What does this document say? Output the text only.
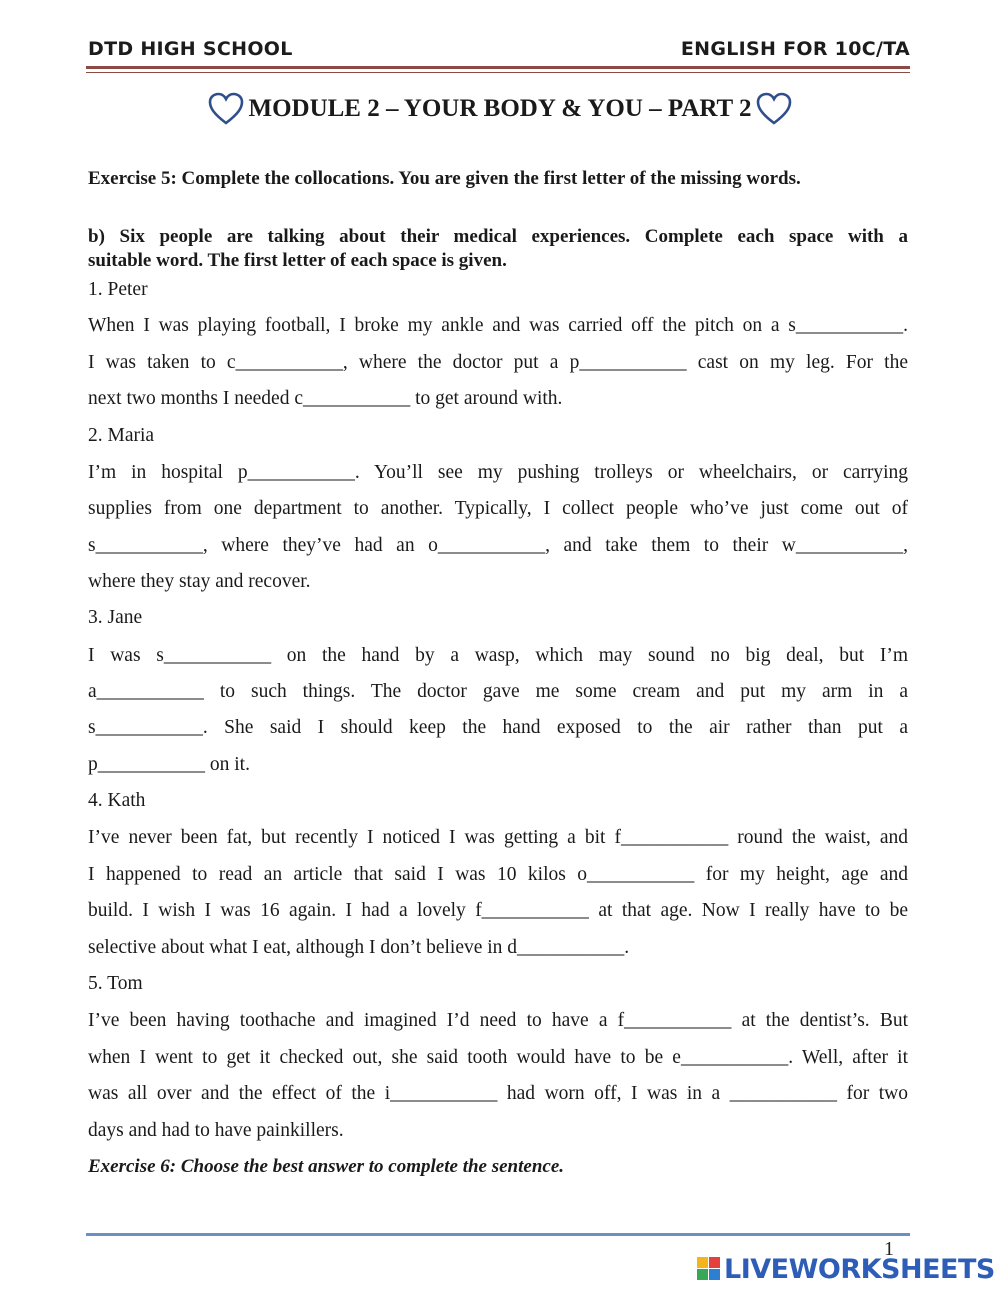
DTD HIGH SCHOOL	ENGLISH FOR 10C/TA
MODULE 2 – YOUR BODY & YOU – PART 2
Exercise 5: Complete the collocations. You are given the first letter of the missing words.
b) Six people are talking about their medical experiences. Complete each space with a
suitable word. The first letter of each space is given.
1. Peter
When I was playing football, I broke my ankle and was carried off the pitch on a s___________.
I was taken to c___________, where the doctor put a p___________ cast on my leg. For the
next two months I needed c___________ to get around with.
2. Maria
I’m in hospital p___________. You’ll see my pushing trolleys or wheelchairs, or carrying
supplies from one department to another. Typically, I collect people who’ve just come out of
s___________, where they’ve had an o___________, and take them to their w___________,
where they stay and recover.
3. Jane
I was s___________ on the hand by a wasp, which may sound no big deal, but I’m
a___________ to such things. The doctor gave me some cream and put my arm in a
s___________. She said I should keep the hand exposed to the air rather than put a
p___________ on it.
4. Kath
I’ve never been fat, but recently I noticed I was getting a bit f___________ round the waist, and
I happened to read an article that said I was 10 kilos o___________ for my height, age and
build. I wish I was 16 again. I had a lovely f___________ at that age. Now I really have to be
selective about what I eat, although I don’t believe in d___________.
5. Tom
I’ve been having toothache and imagined I’d need to have a f___________ at the dentist’s. But
when I went to get it checked out, she said tooth would have to be e___________. Well, after it
was all over and the effect of the i___________ had worn off, I was in a ___________ for two
days and had to have painkillers.
Exercise 6: Choose the best answer to complete the sentence.
1
LIVEWORKSHEETS
